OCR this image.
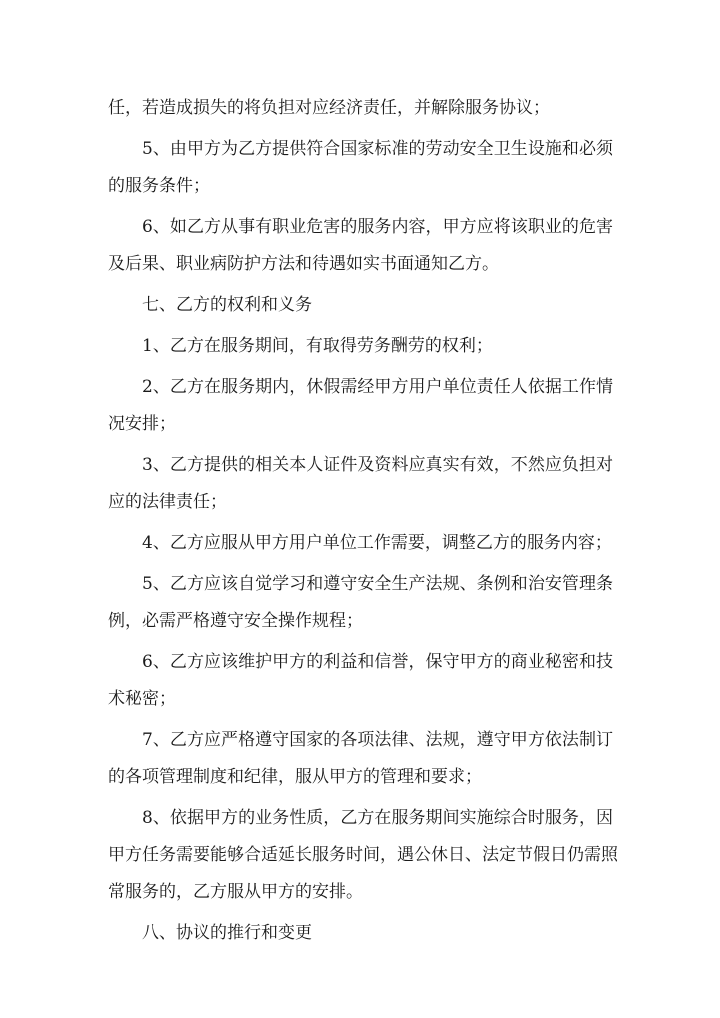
任，若造成损失的将负担对应经济责任，并解除服务协议；
5、由甲方为乙方提供符合国家标准的劳动安全卫生设施和必须
的服务条件；
6、如乙方从事有职业危害的服务内容，甲方应将该职业的危害
及后果、职业病防护方法和待遇如实书面通知乙方。
七、乙方的权利和义务
1、乙方在服务期间，有取得劳务酬劳的权利；
2、乙方在服务期内，休假需经甲方用户单位责任人依据工作情
况安排；
3、乙方提供的相关本人证件及资料应真实有效，不然应负担对
应的法律责任；
4、乙方应服从甲方用户单位工作需要，调整乙方的服务内容；
5、乙方应该自觉学习和遵守安全生产法规、条例和治安管理条
例，必需严格遵守安全操作规程；
6、乙方应该维护甲方的利益和信誉，保守甲方的商业秘密和技
术秘密；
7、乙方应严格遵守国家的各项法律、法规，遵守甲方依法制订
的各项管理制度和纪律，服从甲方的管理和要求；
8、依据甲方的业务性质，乙方在服务期间实施综合时服务，因
甲方任务需要能够合适延长服务时间，遇公休日、法定节假日仍需照
常服务的，乙方服从甲方的安排。
八、协议的推行和变更
